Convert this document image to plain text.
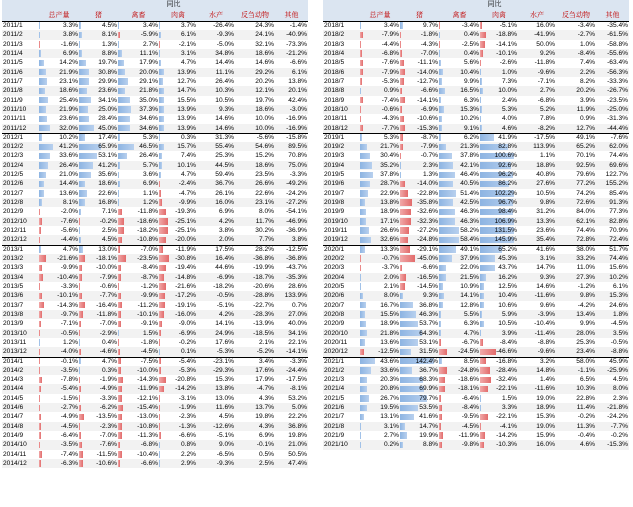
同比
总产量	猪	禽畜	肉禽	水产	反刍动物	其他
2011/1	3.3%	4.5%	3.4%	3.7%	-26.4%	24.3% -1.4%
2011/2	3.8%	8.1%	-5.9%	6.1%	-9.3%	24.1% -40.9%
2011/3	-1.6%	1.3%	2.7%	-2.1%	-5.0%	32.1% -73.3%
2011/4	6.9%	8.8%	11.1%	3.1%	34.8%	18.6% -21.2%
2011/5	14.2%	19.7%	17.9%	4.7%	14.4%	14.6% -6.6%
2011/6	21.9%	30.8%	20.0%	13.9%	11.1%	29.2%	6.1%
2011/7	23.1%	29.9%	29.1%	12.7%	26.4%	20.2% 13.8%
2011/8	18.6%	23.6%	21.8%	14.7%	10.3%	12.1% 20.1%
2011/9	25.4%	34.1%	35.0%	15.5%	10.5%	19.7% 42.4%
2011/10	21.9%	25.0%	37.3%	13.9%	9.3%	18.6% -3.0%
2011/11	23.6%	28.4%	34.6%	13.9%	14.6%	10.0% -16.9%
2011/12	32.0%	45.0%	34.6%	13.9%	14.6%	10.0% -16.9%
2012/1	10.2%	17.4%	5.3%	0.3%	31.3%	-5.6% -15.8%
2012/2	41.2%	65.9%	46.5%	15.7%	55.4%	54.6% 89.5%
2012/3	33.6%	53.1%	26.4%	7.4%	25.3%	15.2% 70.8%
2012/4	26.4%	41.2%	5.7%	10.1%	44.5%	18.6% 75.0%
2012/5	21.0%	35.6%	3.6%	4.7%	59.4%	23.5% -3.3%
2012/6	14.4%	18.6%	6.9%	-2.4%	36.7%	26.6% -49.2%
2012/7	13.6%	22.6%	1.1%	-4.7%	26.1%	22.6% -24.2%
2012/8	8.1%	16.8%	1.2%	-9.9%	16.0%	23.1% -27.2%
2012/9	-2.0%	7.1%	-11.8%	-19.3%	6.9%	8.0% -54.1%
2012/10	-7.6%	-0.2%	-18.6%	-25.1%	4.2%	11.7% -46.9%
2012/11	-5.6%	2.5%	-18.2%	-25.1%	3.8%	30.2% -36.9%
2012/12	-4.4%	4.5%	-10.8%	-20.0%	2.0%	7.7%	3.8%
2013/1	4.7%	13.0%	-7.0%	-11.9%	17.5%	28.2% -12.5%
2013/2	-21.6%	-18.1%	-23.5%	-30.8%	16.4%	-36.8% -36.8%
2013/3	-9.9%	-10.0%	-8.4%	-19.4%	44.6%	-19.9% -43.7%
2013/4	-10.4%	-7.9%	-8.7%	-14.8%	-6.9%	-18.7% -35.3%
2013/5	-3.3%	-0.6%	-1.2%	-21.6%	-18.2%	-20.6% 28.6%
2013/6	-10.1%	-7.7%	-9.9%	-17.2%	-0.5%	-28.8% 133.9%
2013/7	-14.3%	-16.4%	-11.2%	-19.1%	-5.1%	-22.7%	0.7%
2013/8	-9.7%	-11.8%	-10.1%	-16.0%	4.2%	-28.3% 27.0%
2013/9	-7.1%	-7.0%	-9.1%	-9.0%	14.1%	-13.9% 40.0%
2013/10	-0.5%	-2.9%	1.5%	-6.9%	24.9%	-18.5% 34.1%
2013/11	1.2%	0.4%	-1.8%	-0.2%	17.6%	2.1% 22.1%
2013/12	-4.0%	-4.6%	-4.5%	0.1%	-5.3%	-5.2% -14.1%
2014/1	-0.1%	4.7%	-7.5%	-5.4%	-23.1%	3.4% -3.3%
2014/2	-3.5%	0.3%	-10.0%	-5.3%	-29.3%	17.6% -24.4%
2014/3	-7.8%	-1.9%	-14.3%	-20.8%	15.3%	17.9% -17.5%
2014/4	-5.4%	-4.9%	-11.9%	-14.2%	13.8%	-4.7% -8.1%
2014/5	-1.5%	-3.3%	-12.1%	-3.1%	13.0%	4.3% 53.2%
2014/6	-2.7%	-6.2%	-15.4%	-1.9%	11.6%	13.7%	5.0%
2014/7	-4.9%	-13.5%	-13.0%	-2.3%	4.5%	19.8% 22.2%
2014/8	-4.5%	-2.3%	-10.8%	-1.3%	-12.6%	4.3% 36.8%
2014/9	-6.4%	-7.0%	-11.3%	-6.6%	-5.1%	6.9% 19.8%
2014/10	-3.5%	-7.6%	-6.8%	0.8%	9.0%	-0.1% 21.0%
2014/11	-7.4%	-11.5%	-10.4%	2.2%	-6.5%	0.5% 50.5%
2014/12	-6.3%	-10.6%	-6.6%	2.9%	-9.3%	2.5% 47.4%
同比
总产量	猪	禽畜	肉禽	水产	反刍动物	其他
2018/1	3.4%	9.7%	-3.4%	-5.1%	16.0%	-3.4% -35.4%
2018/2	-7.9%	-1.8%	0.4%	-18.8%	-41.9%	-2.7% -61.5%
2018/3	-4.4%	-4.3%	-2.5%	-14.1%	50.0%	1.0% -58.8%
2018/4	-6.8%	-7.0%	0.4%	-10.1%	9.2%	-8.4% -55.6%
2018/5	-7.6%	-11.1%	5.6%	-2.6%	-11.8%	7.4% -63.4%
2018/6	-7.9%	-14.0%	10.4%	1.0%	-9.6%	2.2% -56.3%
2018/7	-5.3%	-12.7%	9.9%	7.3%	-7.1%	8.2% -33.3%
2018/8	0.9%	-6.6%	16.5%	10.0%	2.7%	20.2% -26.7%
2018/9	-7.4%	-14.1%	6.3%	2.4%	-6.8%	3.9% -23.5%
2018/10	-0.6%	-6.9%	15.3%	5.3%	5.2%	11.9% -25.0%
2018/11	-4.3%	-10.6%	10.2%	4.0%	7.8%	0.9% -31.3%
2018/12	-7.7%	-15.3%	9.1%	4.6%	-8.2%	12.7% -44.4%
2019/1	5.3%	-8.7%	6.2%	41.9%	-17.5%	49.1% -7.6%
2019/2	21.7%	-7.9%	21.3%	82.8% 113.9%	65.2% 62.0%
2019/3	30.4%	-0.7%	37.8% 100.6%	1.1%	70.1% 74.4%
2019/4	35.2%	2.3%	42.1%	92.6%	18.8%	92.5% 69.6%
2019/5	37.8%	1.3%	46.4%	96.2%	40.8%	79.6% 122.7%
2019/6	28.7%	-14.0%	40.5%	86.2%	27.6%	77.2% 155.2%
2019/7	22.9%	-22.8%	51.4% 102.2%	10.5%	74.2% 85.4%
2019/8	13.8%	-35.8%	42.5%	96.7%	9.8%	72.6% 91.3%
2019/9	18.9%	-32.6%	46.3%	98.4%	31.2%	84.0% 77.3%
2019/10	17.1%	-32.3%	46.3% 106.9%	13.3%	62.1% 82.8%
2019/11	26.6%	-27.2%	58.2% 131.5%	23.6%	74.4% 70.9%
2019/12	32.6%	-24.8%	58.4% 145.9%	35.4%	72.8% 72.4%
2020/1	13.3%	-29.1%	49.1%	65.2%	41.6%	38.0% 51.7%
2020/2	-0.7%	-45.0%	37.9%	45.3%	3.1%	33.2% 74.4%
2020/3	-3.7%	-6.6%	22.0%	43.7%	14.7%	11.0% 15.6%
2020/4	2.0%	-16.5%	21.5%	16.2%	9.3%	27.3% 10.2%
2020/5	2.1%	-14.5%	10.9%	12.5%	14.6%	-1.2%	6.1%
2020/6	8.0%	9.3%	14.1%	10.4%	-11.6%	9.8% 15.3%
2020/7	16.7%	36.8%	12.8%	10.6%	9.6%	-4.2% 24.6%
2020/8	15.5%	46.3%	5.5%	5.9%	-3.9%	13.4%	1.8%
2020/9	18.9%	53.7%	6.3%	10.5%	-10.4%	9.9% -4.5%
2020/10	21.8%	64.3%	4.7%	3.9%	-11.4%	28.0%	3.5%
2020/11	13.6%	53.1%	-6.7%	-8.4%	-8.8%	25.3% -0.5%
2020/12	-12.5%	31.5%	-24.5%	-46.6%	-9.6%	23.4% -8.8%
2021/1	43.6%	142.4%	8.5%	-16.8%	3.2%	58.0% 45.9%
2021/2	33.6%	36.7%	-24.8%	-28.4%	14.8%	-1.1% -25.9%
2021/3	20.3%	68.3%	-18.6%	-32.4%	1.4%	6.5%	4.5%
2021/4	20.8%	69.9%	-18.1%	-22.1%	-11.6%	10.3%	8.0%
2021/5	26.7%	79.7%	-6.4%	1.5%	19.0%	22.8%	2.3%
2021/6	19.5%	53.5%	-8.4%	3.3%	18.9%	11.4% -21.8%
2021/7	13.1%	41.6%	-9.5%	-22.1%	15.3%	-0.2% -24.2%
2021/8	3.1%	14.7%	-4.5%	-4.1%	19.0%	11.3% -7.7%
2021/9	2.7%	19.9%	-11.9%	-14.2%	15.9%	-0.4% -0.2%
2021/10	0.2%	8.8%	-9.8%	-10.3%	16.0%	4.6% -15.3%
